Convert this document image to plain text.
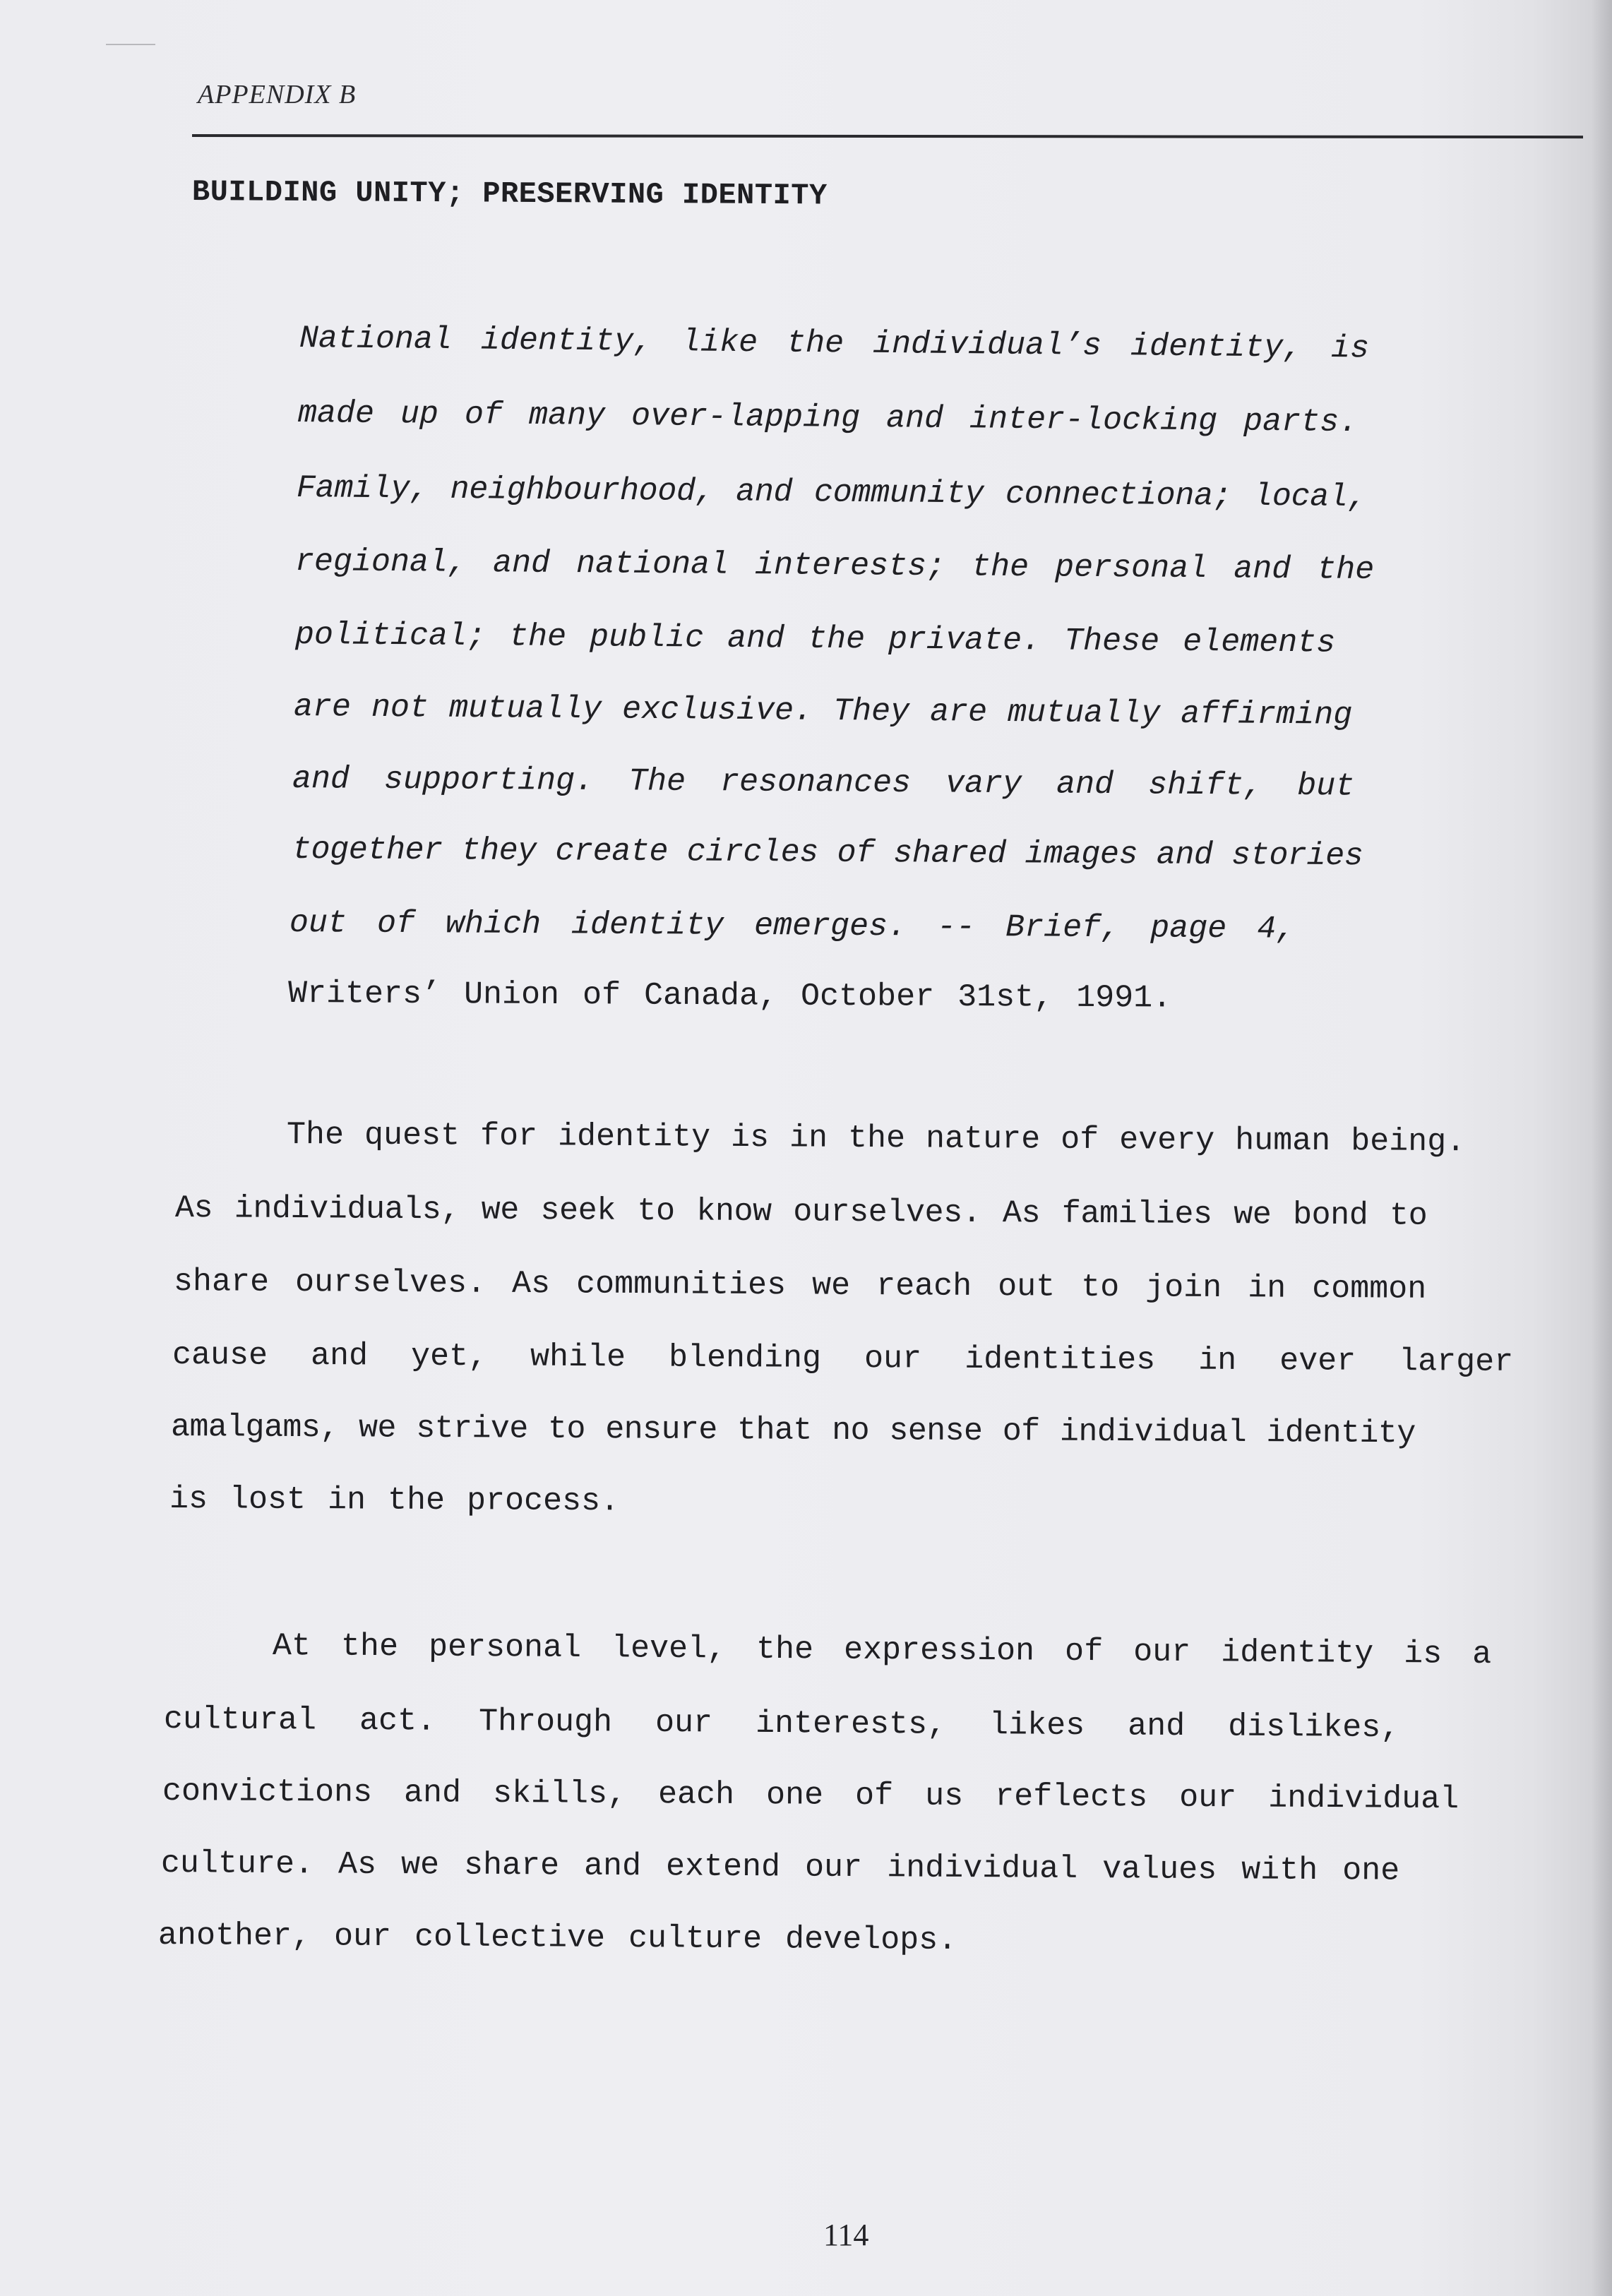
APPENDIX B
BUILDING UNITY; PRESERVING IDENTITY
National identity, like the individual’s identity, is
made up of many over-lapping and inter-locking parts.
Family, neighbourhood, and community connectiona; local,
regional, and national interests; the personal and the
political; the public and the private. These elements
are not mutually exclusive. They are mutually affirming
and supporting. The resonances vary and shift, but
together they create circles of shared images and stories
out of which identity emerges. -- Brief, page 4,
Writers’ Union of Canada, October 31st, 1991.
The quest for identity is in the nature of every human being.
As individuals, we seek to know ourselves. As families we bond to
share ourselves. As communities we reach out to join in common
cause and yet, while blending our identities in ever larger
amalgams, we strive to ensure that no sense of individual identity
is lost in the process.
At the personal level, the expression of our identity is a
cultural act. Through our interests, likes and dislikes,
convictions and skills, each one of us reflects our individual
culture. As we share and extend our individual values with one
another, our collective culture develops.
114
